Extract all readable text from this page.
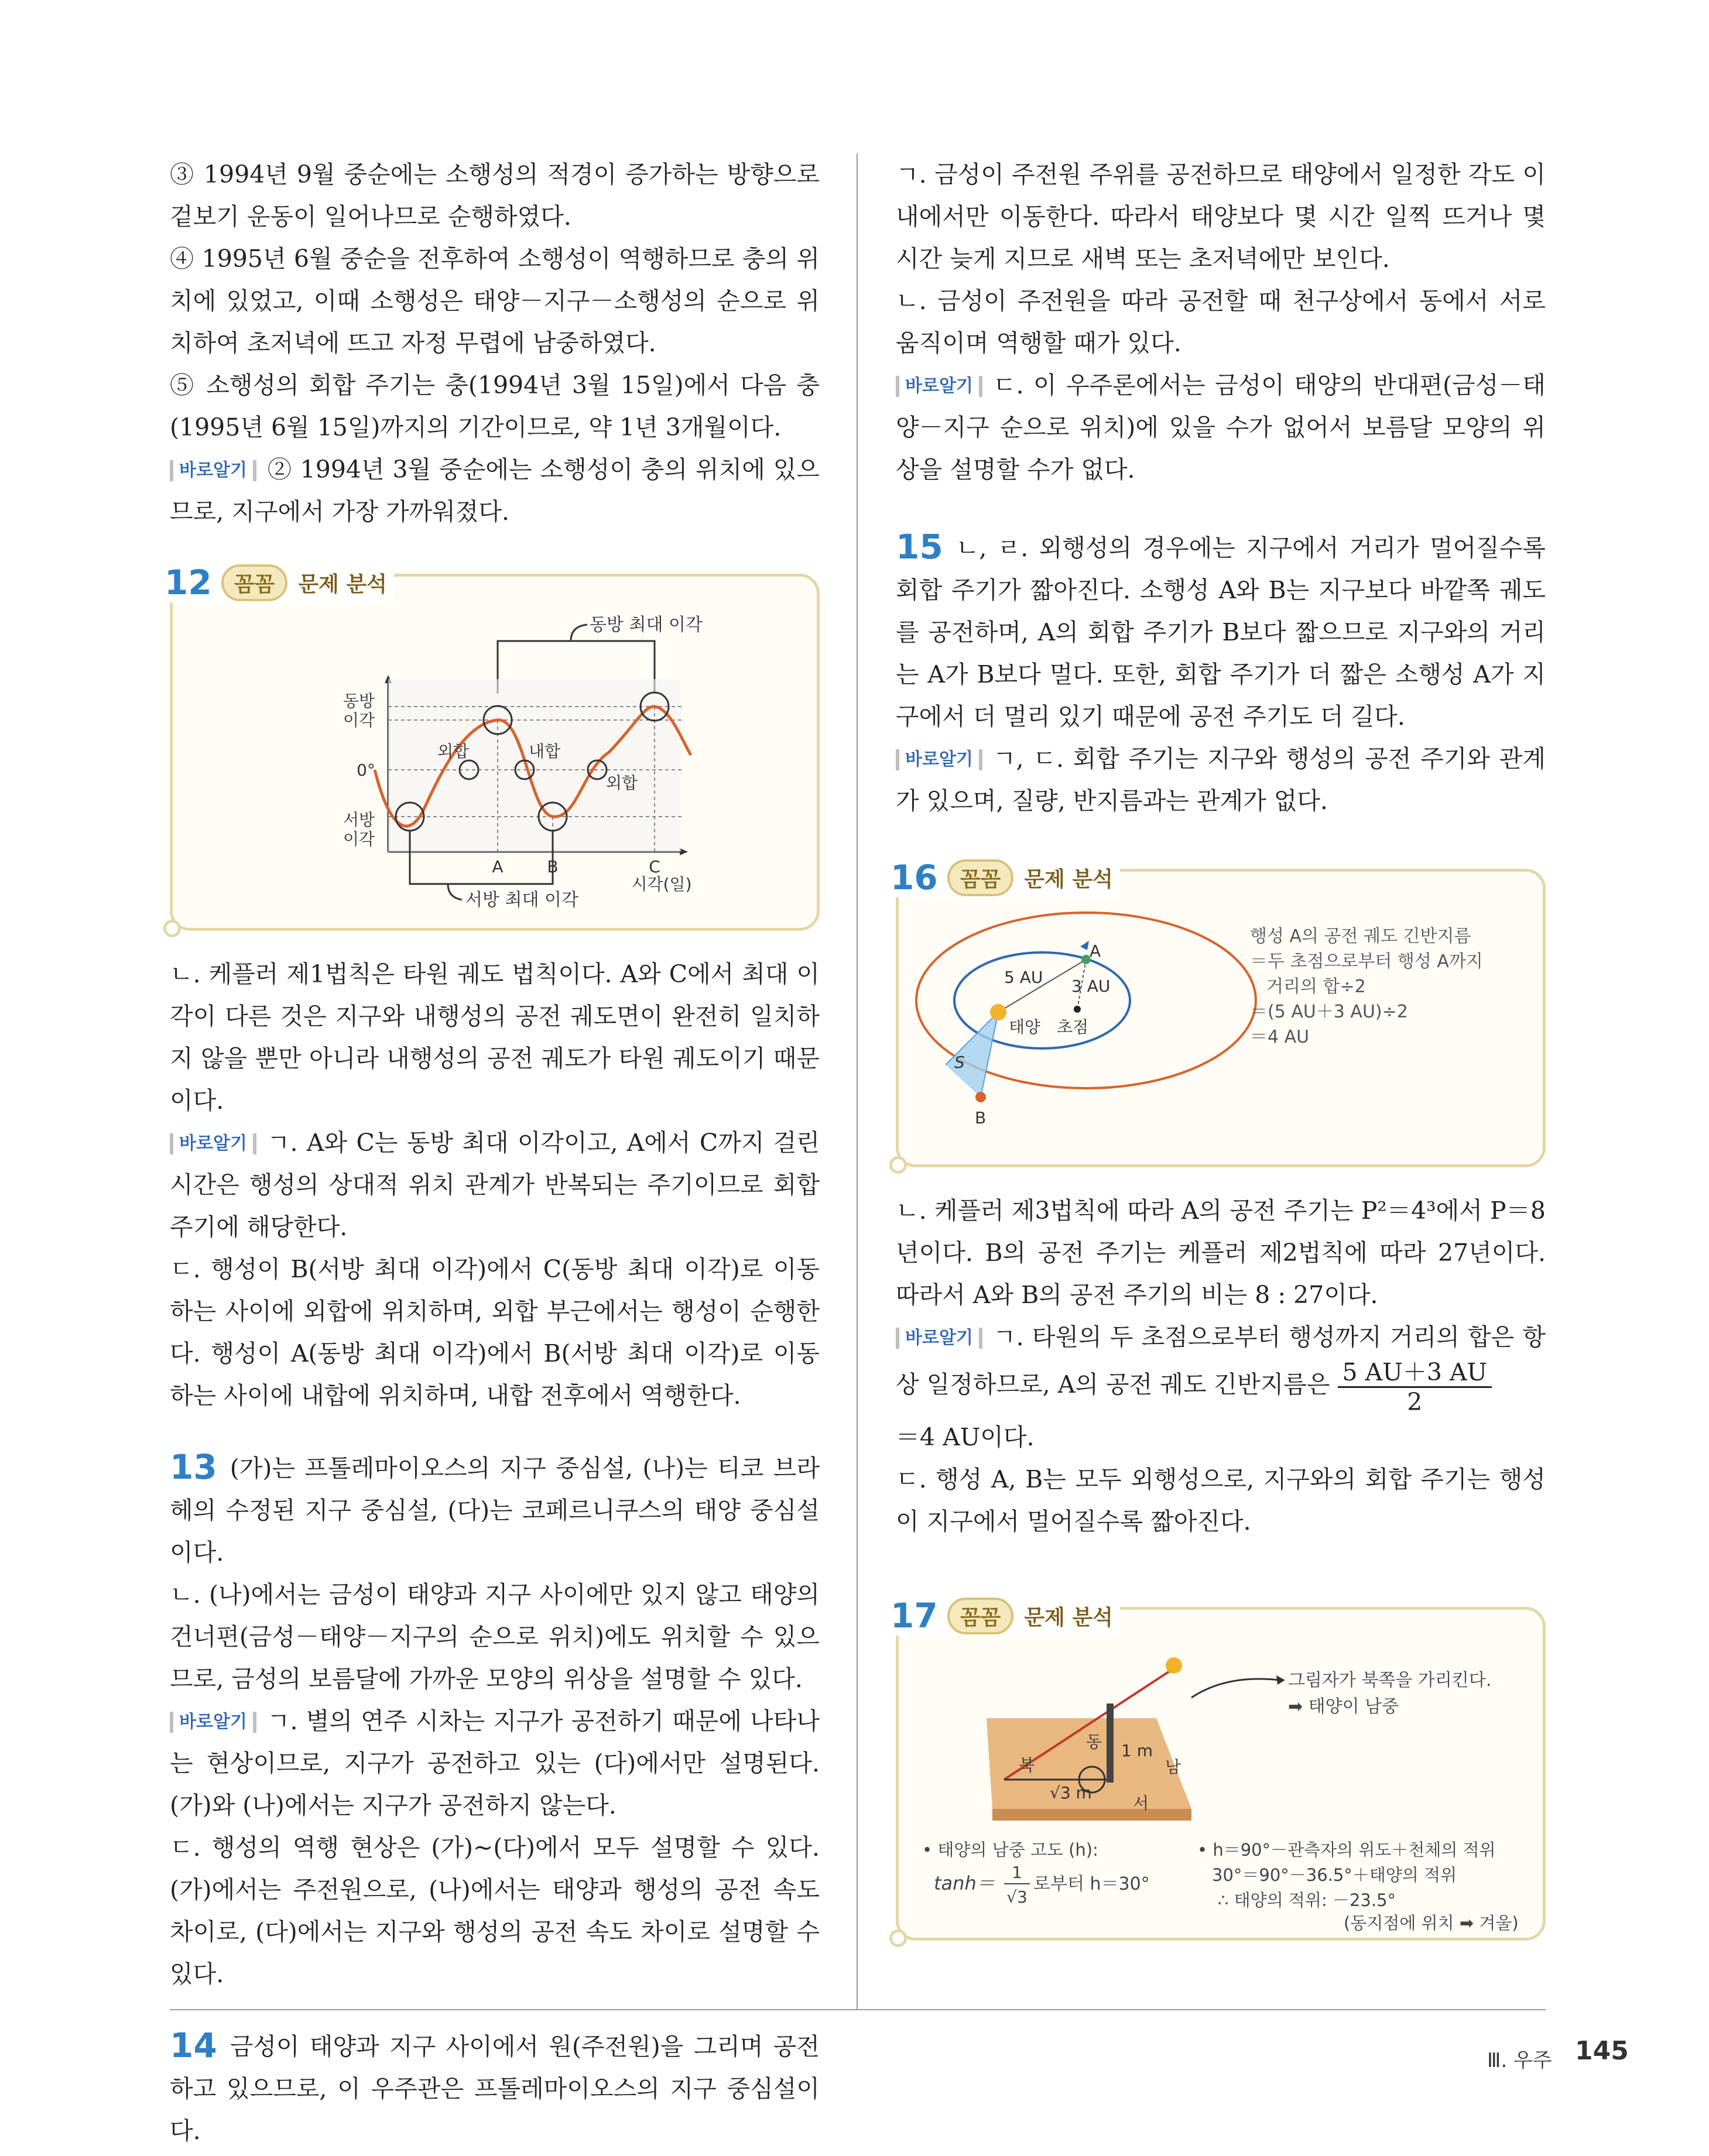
③ 1994년 9월 중순에는 소행성의 적경이 증가하는 방향으로 겉보기 운동이 일어나므로 순행하였다.

④ 1995년 6월 중순을 전후하여 소행성이 역행하므로 충의 위치에 있었고, 이때 소행성은 태양－지구－소행성의 순으로 위치하여 초저녁에 뜨고 자정 무렵에 남중하였다.

⑤ 소행성의 회합 주기는 충(1994년 3월 15일)에서 다음 충(1995년 6월 15일)까지의 기간이므로, 약 1년 3개월이다.

바로알기 ② 1994년 3월 중순에는 소행성이 충의 위치에 있으므로, 지구에서 가장 가까워졌다.

12	꼼꼼	문제 분석
동방 최대 이각
동방
이각
0°
서방
이각
외합	내합
외합
A	B	C
시각(일)
서방 최대 이각

ㄴ. 케플러 제1법칙은 타원 궤도 법칙이다. A와 C에서 최대 이각이 다른 것은 지구와 내행성의 공전 궤도면이 완전히 일치하지 않을 뿐만 아니라 내행성의 공전 궤도가 타원 궤도이기 때문이다.

바로알기 ㄱ. A와 C는 동방 최대 이각이고, A에서 C까지 걸린 시간은 행성의 상대적 위치 관계가 반복되는 주기이므로 회합 주기에 해당한다.

ㄷ. 행성이 B(서방 최대 이각)에서 C(동방 최대 이각)로 이동하는 사이에 외합에 위치하며, 외합 부근에서는 행성이 순행한다. 행성이 A(동방 최대 이각)에서 B(서방 최대 이각)로 이동하는 사이에 내합에 위치하며, 내합 전후에서 역행한다.

13 (가)는 프톨레마이오스의 지구 중심설, (나)는 티코 브라헤의 수정된 지구 중심설, (다)는 코페르니쿠스의 태양 중심설이다.

ㄴ. (나)에서는 금성이 태양과 지구 사이에만 있지 않고 태양의 건너편(금성－태양－지구의 순으로 위치)에도 위치할 수 있으므로, 금성의 보름달에 가까운 모양의 위상을 설명할 수 있다.

바로알기 ㄱ. 별의 연주 시차는 지구가 공전하기 때문에 나타나는 현상이므로, 지구가 공전하고 있는 (다)에서만 설명된다. (가)와 (나)에서는 지구가 공전하지 않는다.

ㄷ. 행성의 역행 현상은 (가)~(다)에서 모두 설명할 수 있다. (가)에서는 주전원으로, (나)에서는 태양과 행성의 공전 속도 차이로, (다)에서는 지구와 행성의 공전 속도 차이로 설명할 수 있다.

14 금성이 태양과 지구 사이에서 원(주전원)을 그리며 공전하고 있으므로, 이 우주관은 프톨레마이오스의 지구 중심설이다.

ㄱ. 금성이 주전원 주위를 공전하므로 태양에서 일정한 각도 이내에서만 이동한다. 따라서 태양보다 몇 시간 일찍 뜨거나 몇 시간 늦게 지므로 새벽 또는 초저녁에만 보인다.

ㄴ. 금성이 주전원을 따라 공전할 때 천구상에서 동에서 서로 움직이며 역행할 때가 있다.

바로알기 ㄷ. 이 우주론에서는 금성이 태양의 반대편(금성－태양－지구 순으로 위치)에 있을 수가 없어서 보름달 모양의 위상을 설명할 수가 없다.

15 ㄴ, ㄹ. 외행성의 경우에는 지구에서 거리가 멀어질수록 회합 주기가 짧아진다. 소행성 A와 B는 지구보다 바깥쪽 궤도를 공전하며, A의 회합 주기가 B보다 짧으므로 지구와의 거리는 A가 B보다 멀다. 또한, 회합 주기가 더 짧은 소행성 A가 지구에서 더 멀리 있기 때문에 공전 주기도 더 길다.

바로알기 ㄱ, ㄷ. 회합 주기는 지구와 행성의 공전 주기와 관계가 있으며, 질량, 반지름과는 관계가 없다.

16	꼼꼼	문제 분석
5 AU 3 AU
A
B
S
태양 초점
행성 A의 공전 궤도 긴반지름
＝두 초점으로부터 행성 A까지
거리의 합÷2
＝(5 AU＋3 AU)÷2
＝4 AU

ㄴ. 케플러 제3법칙에 따라 A의 공전 주기는 P²＝4³에서 P＝8년이다. B의 공전 주기는 케플러 제2법칙에 따라 27년이다. 따라서 A와 B의 공전 주기의 비는 8 : 27이다.

바로알기 ㄱ. 타원의 두 초점으로부터 행성까지 거리의 합은 항상 일정하므로, A의 공전 궤도 긴반지름은 $\frac{5 AU+3 AU}{2}$

＝4 AU이다.

ㄷ. 행성 A, B는 모두 외행성으로, 지구와의 회합 주기는 행성이 지구에서 멀어질수록 짧아진다.

17	꼼꼼	문제 분석
그림자가 북쪽을 가리킨다.
➡ 태양이 남중
동
북	남
서
1 m
√3 m
• 태양의 남중 고도 (h):
tanh＝ 1
√3
로부터 h＝30°
• h＝90°－관측자의 위도＋천체의 적위
30°＝90°－36.5°＋태양의 적위
∴ 태양의 적위: －23.5°
(동지점에 위치 ➡ 겨울)
Ⅲ. 우주 145
